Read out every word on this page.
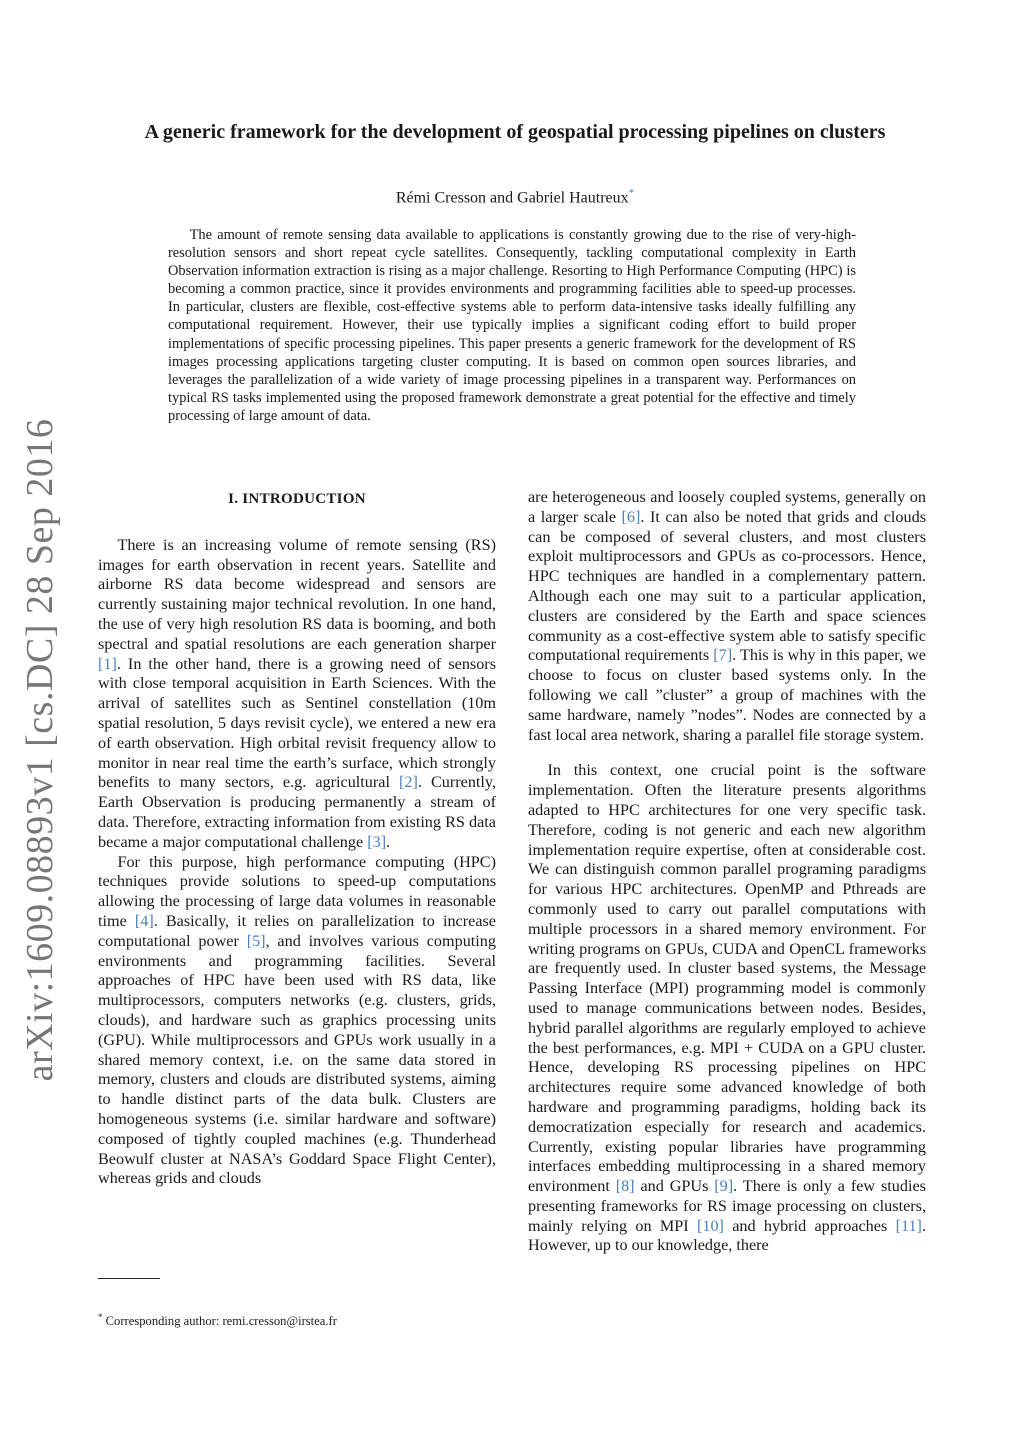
arXiv:1609.08893v1 [cs.DC] 28 Sep 2016
A generic framework for the development of geospatial processing pipelines on clusters
Rémi Cresson and Gabriel Hautreux*

The amount of remote sensing data available to applications is constantly growing due to the rise of very-high-resolution sensors and short repeat cycle satellites. Consequently, tackling computational complexity in Earth Observation information extraction is rising as a major challenge. Resorting to High Performance Computing (HPC) is becoming a common practice, since it provides environments and programming facilities able to speed-up processes. In particular, clusters are flexible, cost-effective systems able to perform data-intensive tasks ideally fulfilling any computational requirement. However, their use typically implies a significant coding effort to build proper implementations of specific processing pipelines. This paper presents a generic framework for the development of RS images processing applications targeting cluster computing. It is based on common open sources libraries, and leverages the parallelization of a wide variety of image processing pipelines in a transparent way. Performances on typical RS tasks implemented using the proposed framework demonstrate a great potential for the effective and timely processing of large amount of data.

I. INTRODUCTION

There is an increasing volume of remote sensing (RS) images for earth observation in recent years. Satellite and airborne RS data become widespread and sensors are currently sustaining major technical revolution. In one hand, the use of very high resolution RS data is booming, and both spectral and spatial resolutions are each generation sharper [1]. In the other hand, there is a growing need of sensors with close temporal acquisition in Earth Sciences. With the arrival of satellites such as Sentinel constellation (10m spatial resolution, 5 days revisit cycle), we entered a new era of earth observation. High orbital revisit frequency allow to monitor in near real time the earth’s surface, which strongly benefits to many sectors, e.g. agricultural [2]. Currently, Earth Observation is producing permanently a stream of data. Therefore, extracting information from existing RS data became a major computational challenge [3].

For this purpose, high performance computing (HPC) techniques provide solutions to speed-up computations allowing the processing of large data volumes in reasonable time [4]. Basically, it relies on parallelization to increase computational power [5], and involves various computing environments and programming facilities. Several approaches of HPC have been used with RS data, like multiprocessors, computers networks (e.g. clusters, grids, clouds), and hardware such as graphics processing units (GPU). While multiprocessors and GPUs work usually in a shared memory context, i.e. on the same data stored in memory, clusters and clouds are distributed systems, aiming to handle distinct parts of the data bulk. Clusters are homogeneous systems (i.e. similar hardware and software) composed of tightly coupled machines (e.g. Thunderhead Beowulf cluster at NASA’s Goddard Space Flight Center), whereas grids and clouds

are heterogeneous and loosely coupled systems, generally on a larger scale [6]. It can also be noted that grids and clouds can be composed of several clusters, and most clusters exploit multiprocessors and GPUs as co-processors. Hence, HPC techniques are handled in a complementary pattern. Although each one may suit to a particular application, clusters are considered by the Earth and space sciences community as a cost-effective system able to satisfy specific computational requirements [7]. This is why in this paper, we choose to focus on cluster based systems only. In the following we call ”cluster” a group of machines with the same hardware, namely ”nodes”. Nodes are connected by a fast local area network, sharing a parallel file storage system.

In this context, one crucial point is the software implementation. Often the literature presents algorithms adapted to HPC architectures for one very specific task. Therefore, coding is not generic and each new algorithm implementation require expertise, often at considerable cost. We can distinguish common parallel programing paradigms for various HPC architectures. OpenMP and Pthreads are commonly used to carry out parallel computations with multiple processors in a shared memory environment. For writing programs on GPUs, CUDA and OpenCL frameworks are frequently used. In cluster based systems, the Message Passing Interface (MPI) programming model is commonly used to manage communications between nodes. Besides, hybrid parallel algorithms are regularly employed to achieve the best performances, e.g. MPI + CUDA on a GPU cluster. Hence, developing RS processing pipelines on HPC architectures require some advanced knowledge of both hardware and programming paradigms, holding back its democratization especially for research and academics. Currently, existing popular libraries have programming interfaces embedding multiprocessing in a shared memory environment [8] and GPUs [9]. There is only a few studies presenting frameworks for RS image processing on clusters, mainly relying on MPI [10] and hybrid approaches [11]. However, up to our knowledge, there

* Corresponding author: remi.cresson@irstea.fr
